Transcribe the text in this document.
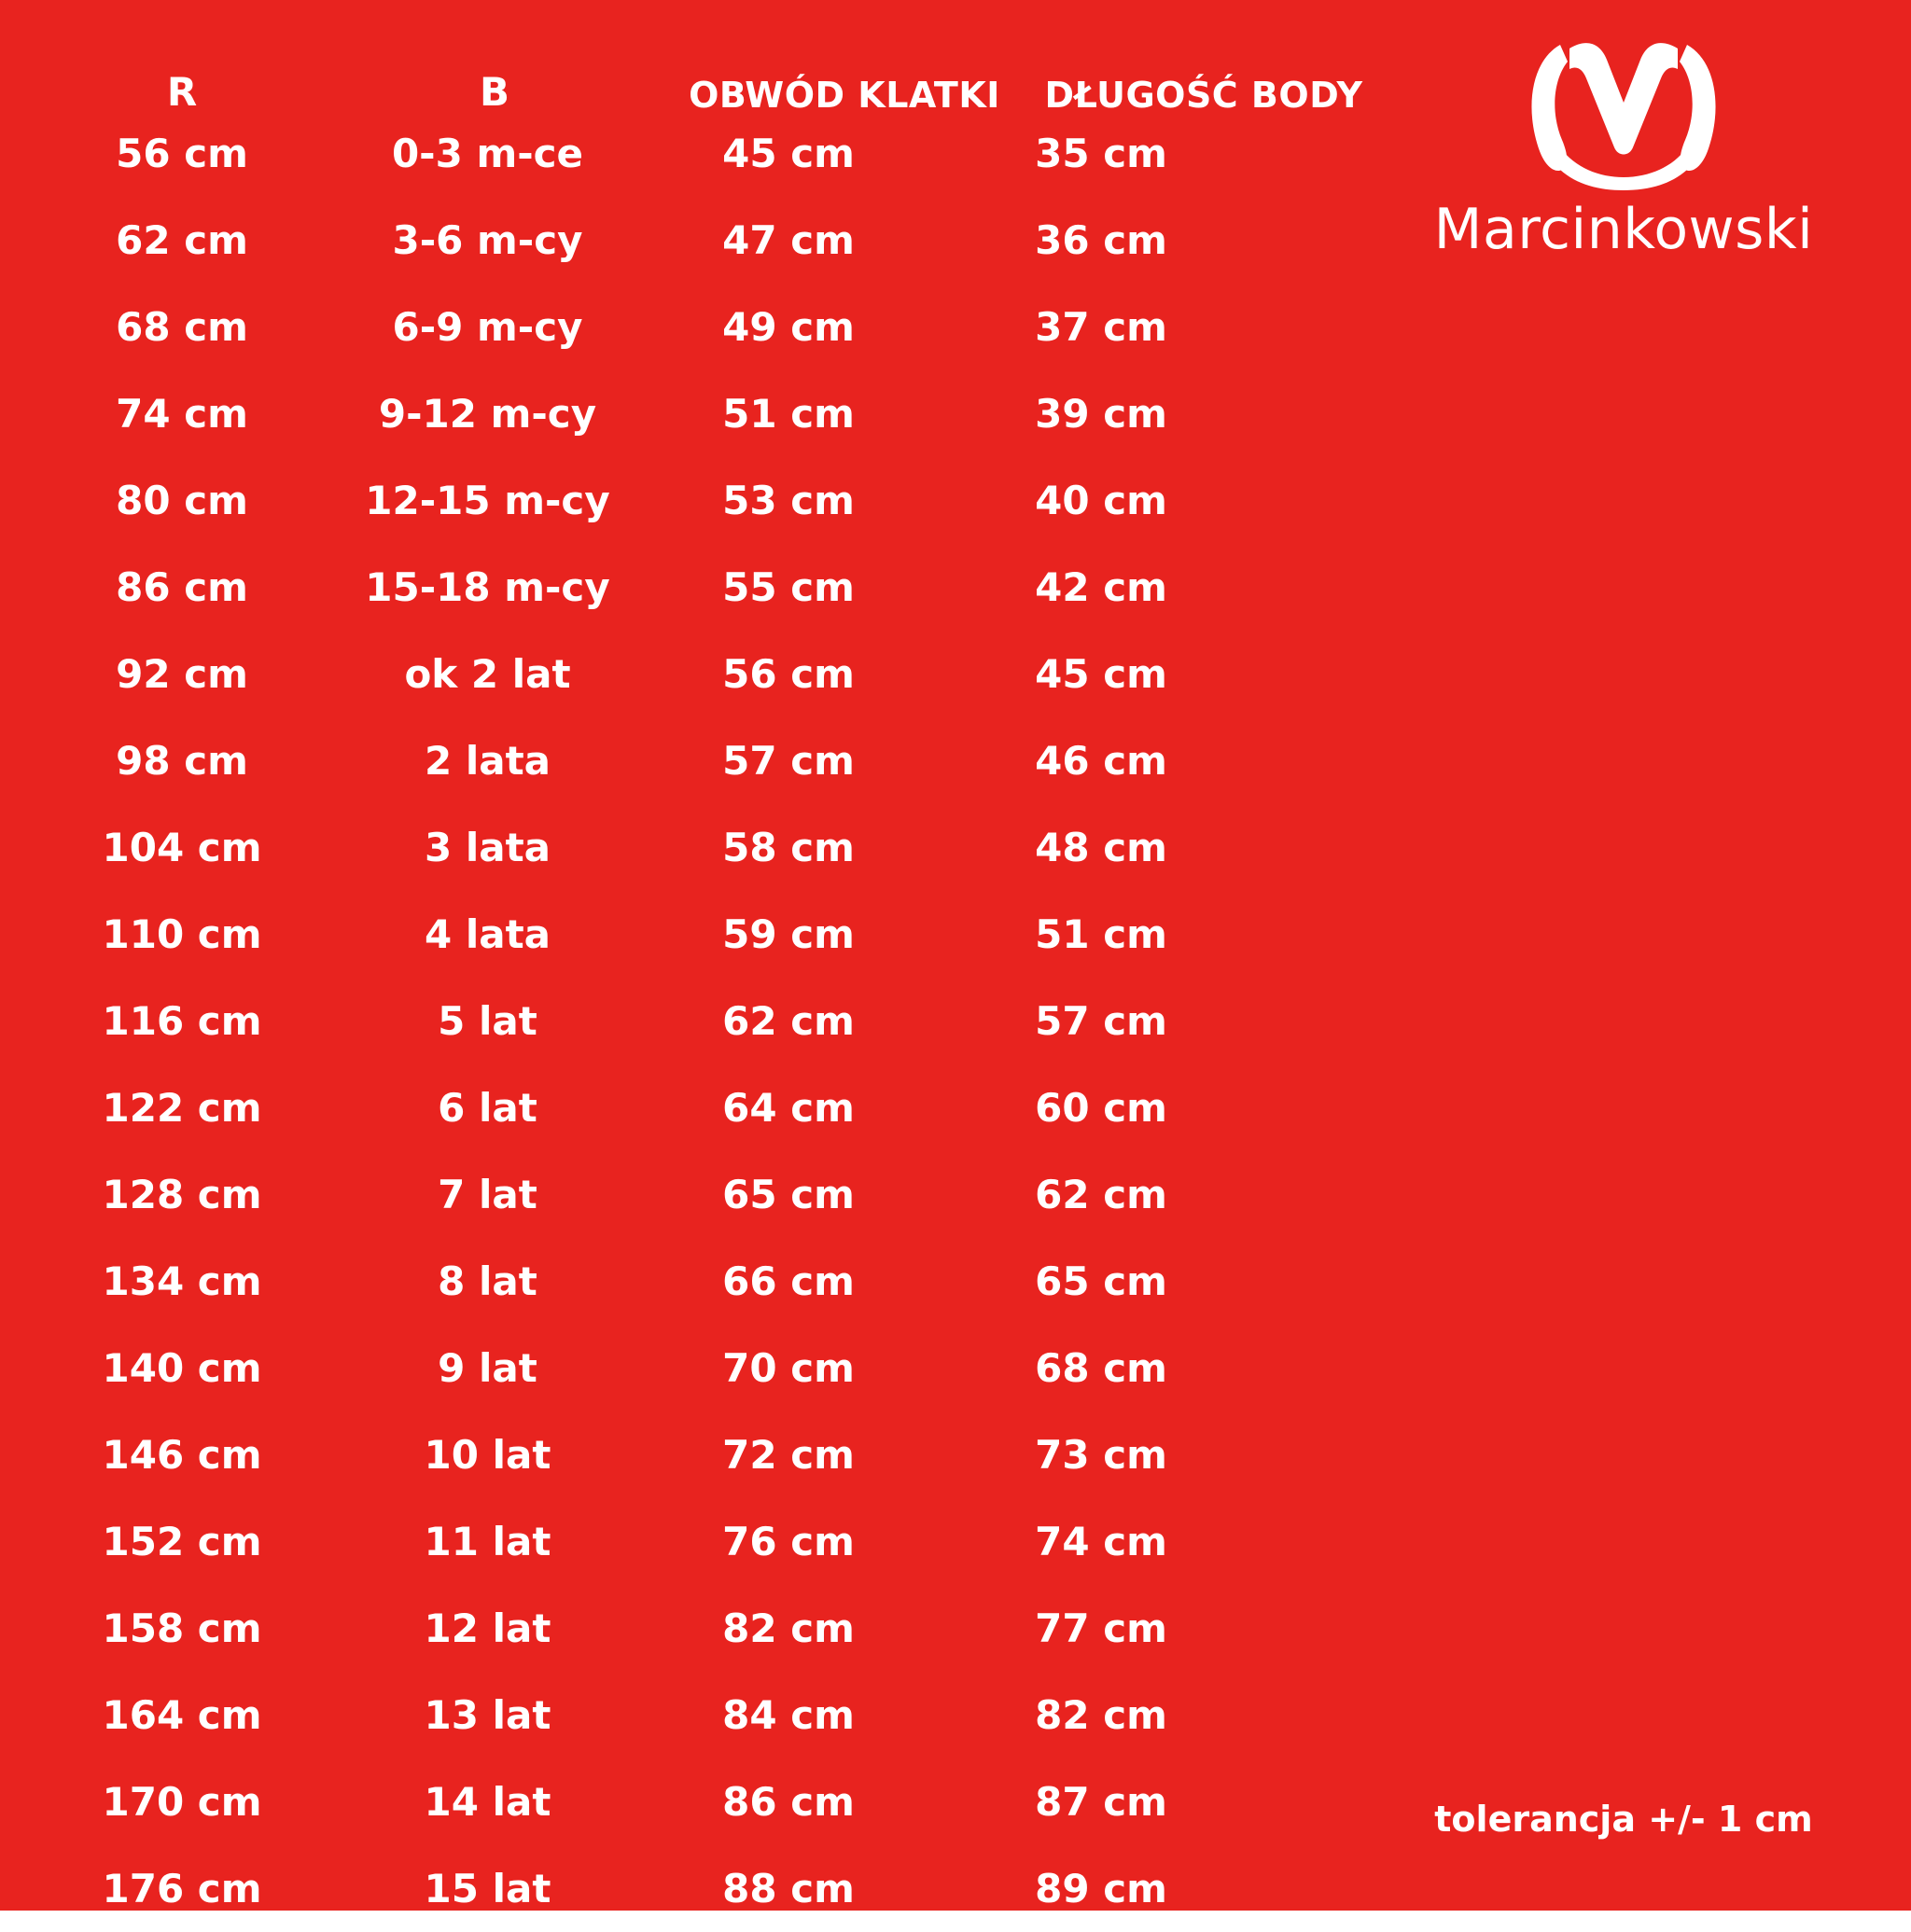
R	B	OBWÓD KLATKI	DŁUGOŚĆ BODY
56 cm	0-3 m-ce	45 cm	35 cm
62 cm	3-6 m-cy	47 cm	36 cm
68 cm	6-9 m-cy	49 cm	37 cm
74 cm	9-12 m-cy	51 cm	39 cm
80 cm	12-15 m-cy	53 cm	40 cm
86 cm	15-18 m-cy	55 cm	42 cm
92 cm	ok 2 lat	56 cm	45 cm
98 cm	2 lata	57 cm	46 cm
104 cm	3 lata	58 cm	48 cm
110 cm	4 lata	59 cm	51 cm
116 cm	5 lat	62 cm	57 cm
122 cm	6 lat	64 cm	60 cm
128 cm	7 lat	65 cm	62 cm
134 cm	8 lat	66 cm	65 cm
140 cm	9 lat	70 cm	68 cm
146 cm	10 lat	72 cm	73 cm
152 cm	11 lat	76 cm	74 cm
158 cm	12 lat	82 cm	77 cm
164 cm	13 lat	84 cm	82 cm
170 cm	14 lat	86 cm	87 cm
176 cm	15 lat	88 cm	89 cm
Marcinkowski
tolerancja +/- 1 cm
